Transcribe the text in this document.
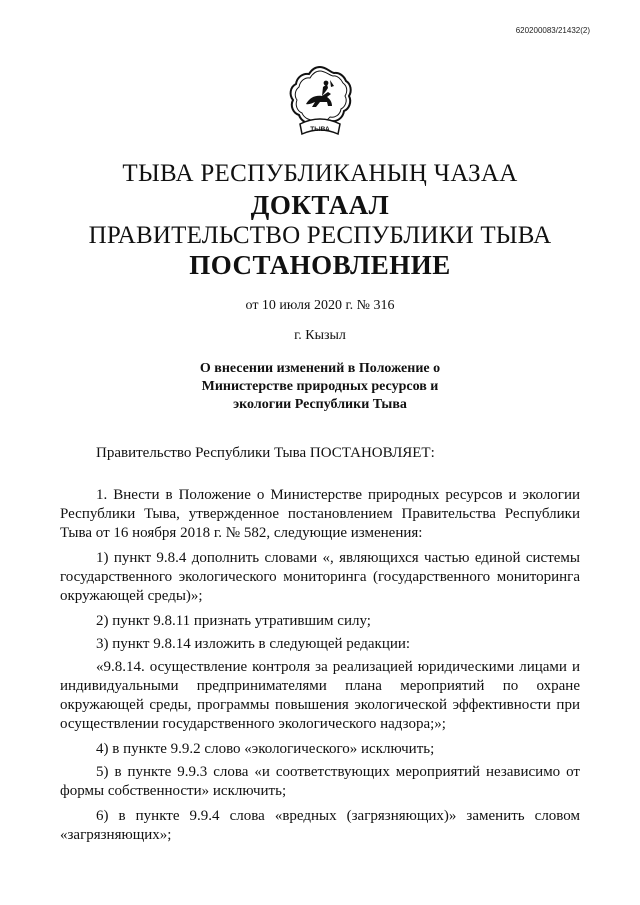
620200083/21432(2)
ТЫВА
ТЫВА РЕСПУБЛИКАНЫҢ ЧАЗАА
ДОКТААЛ
ПРАВИТЕЛЬСТВО РЕСПУБЛИКИ ТЫВА
ПОСТАНОВЛЕНИЕ
от 10 июля 2020 г. № 316
г. Кызыл
О внесении изменений в Положение о
Министерстве природных ресурсов и
экологии Республики Тыва
Правительство Республики Тыва ПОСТАНОВЛЯЕТ:

1. Внести в Положение о Министерстве природных ресурсов и экологии Республики Тыва, утвержденное постановлением Правительства Республики Тыва от 16 ноября 2018 г. № 582, следующие изменения:

1) пункт 9.8.4 дополнить словами «, являющихся частью единой системы государственного экологического мониторинга (государственного мониторинга окружающей среды)»;

2) пункт 9.8.11 признать утратившим силу;

3) пункт 9.8.14 изложить в следующей редакции:

«9.8.14. осуществление контроля за реализацией юридическими лицами и индивидуальными предпринимателями плана мероприятий по охране окружающей среды, программы повышения экологической эффективности при осуществлении государственного экологического надзора;»;

4) в пункте 9.9.2 слово «экологического» исключить;

5) в пункте 9.9.3 слова «и соответствующих мероприятий независимо от формы собственности» исключить;

6) в пункте 9.9.4 слова «вредных (загрязняющих)» заменить словом «загрязняющих»;
